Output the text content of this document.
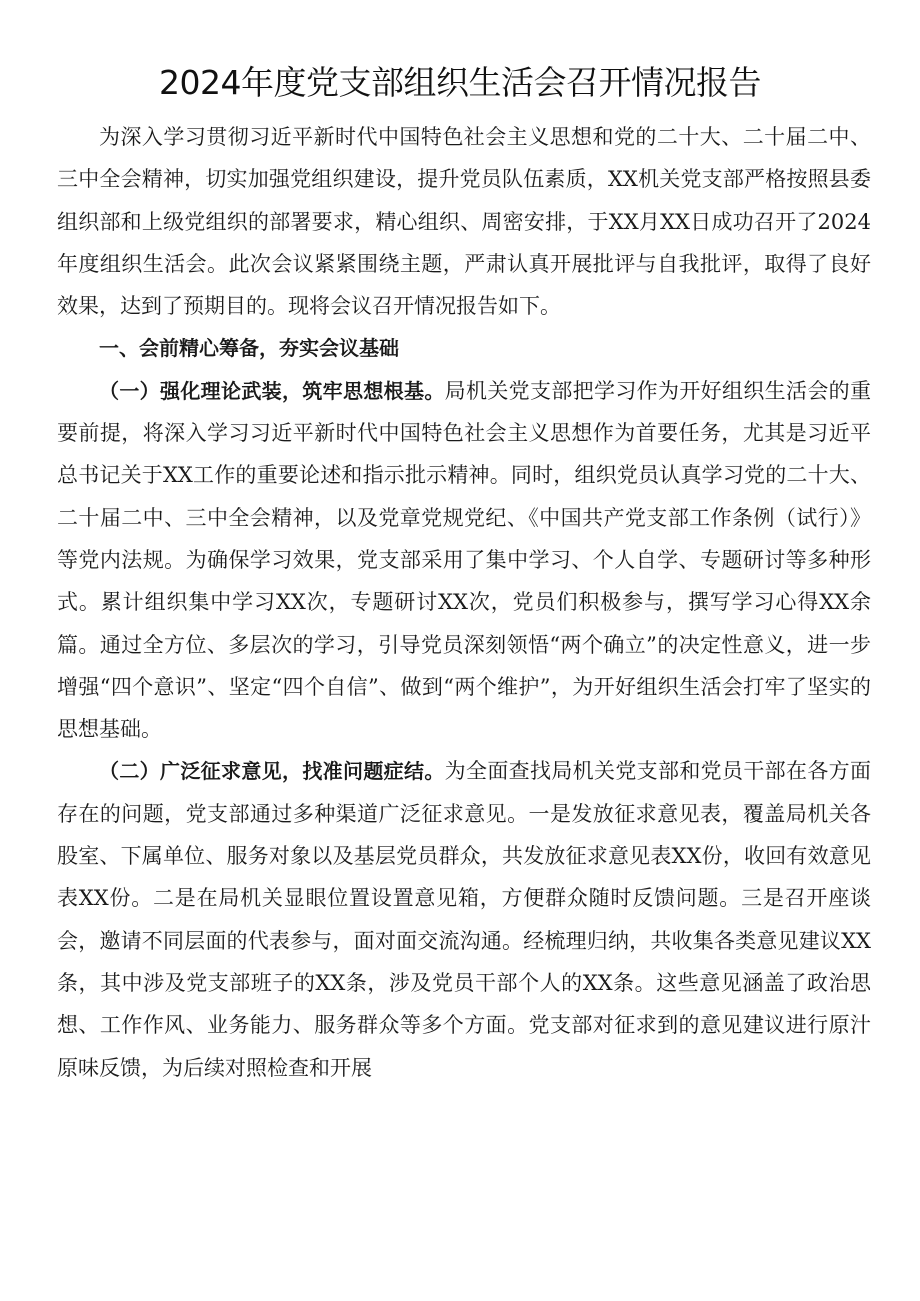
2024年度党支部组织生活会召开情况报告

为深入学习贯彻习近平新时代中国特色社会主义思想和党的二十大、二十届二中、三中全会精神，切实加强党组织建设，提升党员队伍素质，XX机关党支部严格按照县委组织部和上级党组织的部署要求，精心组织、周密安排，于XX月XX日成功召开了2024年度组织生活会。此次会议紧紧围绕主题，严肃认真开展批评与自我批评，取得了良好效果，达到了预期目的。现将会议召开情况报告如下。

一、会前精心筹备，夯实会议基础

（一）强化理论武装，筑牢思想根基。局机关党支部把学习作为开好组织生活会的重要前提，将深入学习习近平新时代中国特色社会主义思想作为首要任务，尤其是习近平总书记关于XX工作的重要论述和指示批示精神。同时，组织党员认真学习党的二十大、二十届二中、三中全会精神，以及党章党规党纪、《中国共产党支部工作条例（试行）》等党内法规。为确保学习效果，党支部采用了集中学习、个人自学、专题研讨等多种形式。累计组织集中学习XX次，专题研讨XX次，党员们积极参与，撰写学习心得XX余篇。通过全方位、多层次的学习，引导党员深刻领悟“两个确立”的决定性意义，进一步增强“四个意识”、坚定“四个自信”、做到“两个维护”，为开好组织生活会打牢了坚实的思想基础。

（二）广泛征求意见，找准问题症结。为全面查找局机关党支部和党员干部在各方面存在的问题，党支部通过多种渠道广泛征求意见。一是发放征求意见表，覆盖局机关各股室、下属单位、服务对象以及基层党员群众，共发放征求意见表XX份，收回有效意见表XX份。二是在局机关显眼位置设置意见箱，方便群众随时反馈问题。三是召开座谈会，邀请不同层面的代表参与，面对面交流沟通。经梳理归纳，共收集各类意见建议XX条，其中涉及党支部班子的XX条，涉及党员干部个人的XX条。这些意见涵盖了政治思想、工作作风、业务能力、服务群众等多个方面。党支部对征求到的意见建议进行原汁原味反馈，为后续对照检查和开展
